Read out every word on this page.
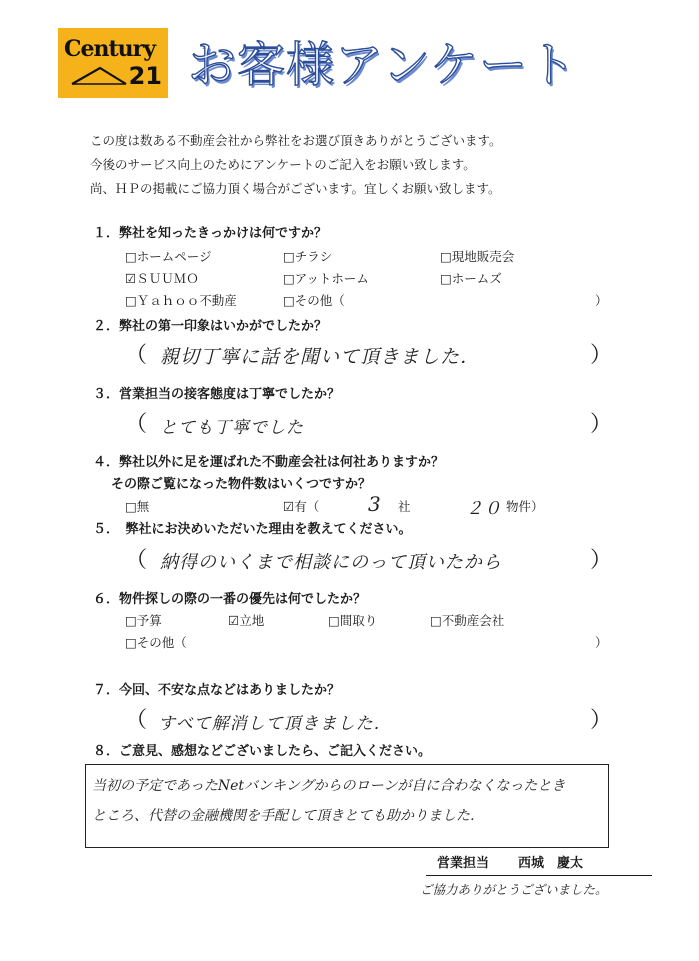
Century
21 お客様アンケート
この度は数ある不動産会社から弊社をお選び頂きありがとうございます。
今後のサービス向上のためにアンケートのご記入をお願い致します。
尚、ＨＰの掲載にご協力頂く場合がございます。宜しくお願い致します。
１．弊社を知ったきっかけは何ですか？
□ホームページ	□チラシ	□現地販売会
☑ＳＵＵＭＯ	□アットホーム	□ホームズ
□Ｙａｈｏｏ不動産	□その他（	）
２．弊社の第一印象はいかがでしたか？
（ 親切丁寧に話を聞いて頂きました．	）
３．営業担当の接客態度は丁寧でしたか？
（ とても丁寧でした	）
４．弊社以外に足を運ばれた不動産会社は何社ありますか？
その際ご覧になった物件数はいくつですか？
□無	☑有（ 3 社	２０ 物件）
５．　弊社にお決めいただいた理由を教えてください。
（ 納得のいくまで相談にのって頂いたから	）
６．物件探しの際の一番の優先は何でしたか？
□予算	☑立地	□間取り	□不動産会社
□その他（	）
７．今回、不安な点などはありましたか？
（ すべて解消して頂きました．	）
８．ご意見、感想などございましたら、ご記入ください。
当初の予定であったNetバンキングからのローンが自に合わなくなったとき
ところ、代替の金融機関を手配して頂きとても助かりました．
営業担当 西城　慶太
ご協力ありがとうございました。
